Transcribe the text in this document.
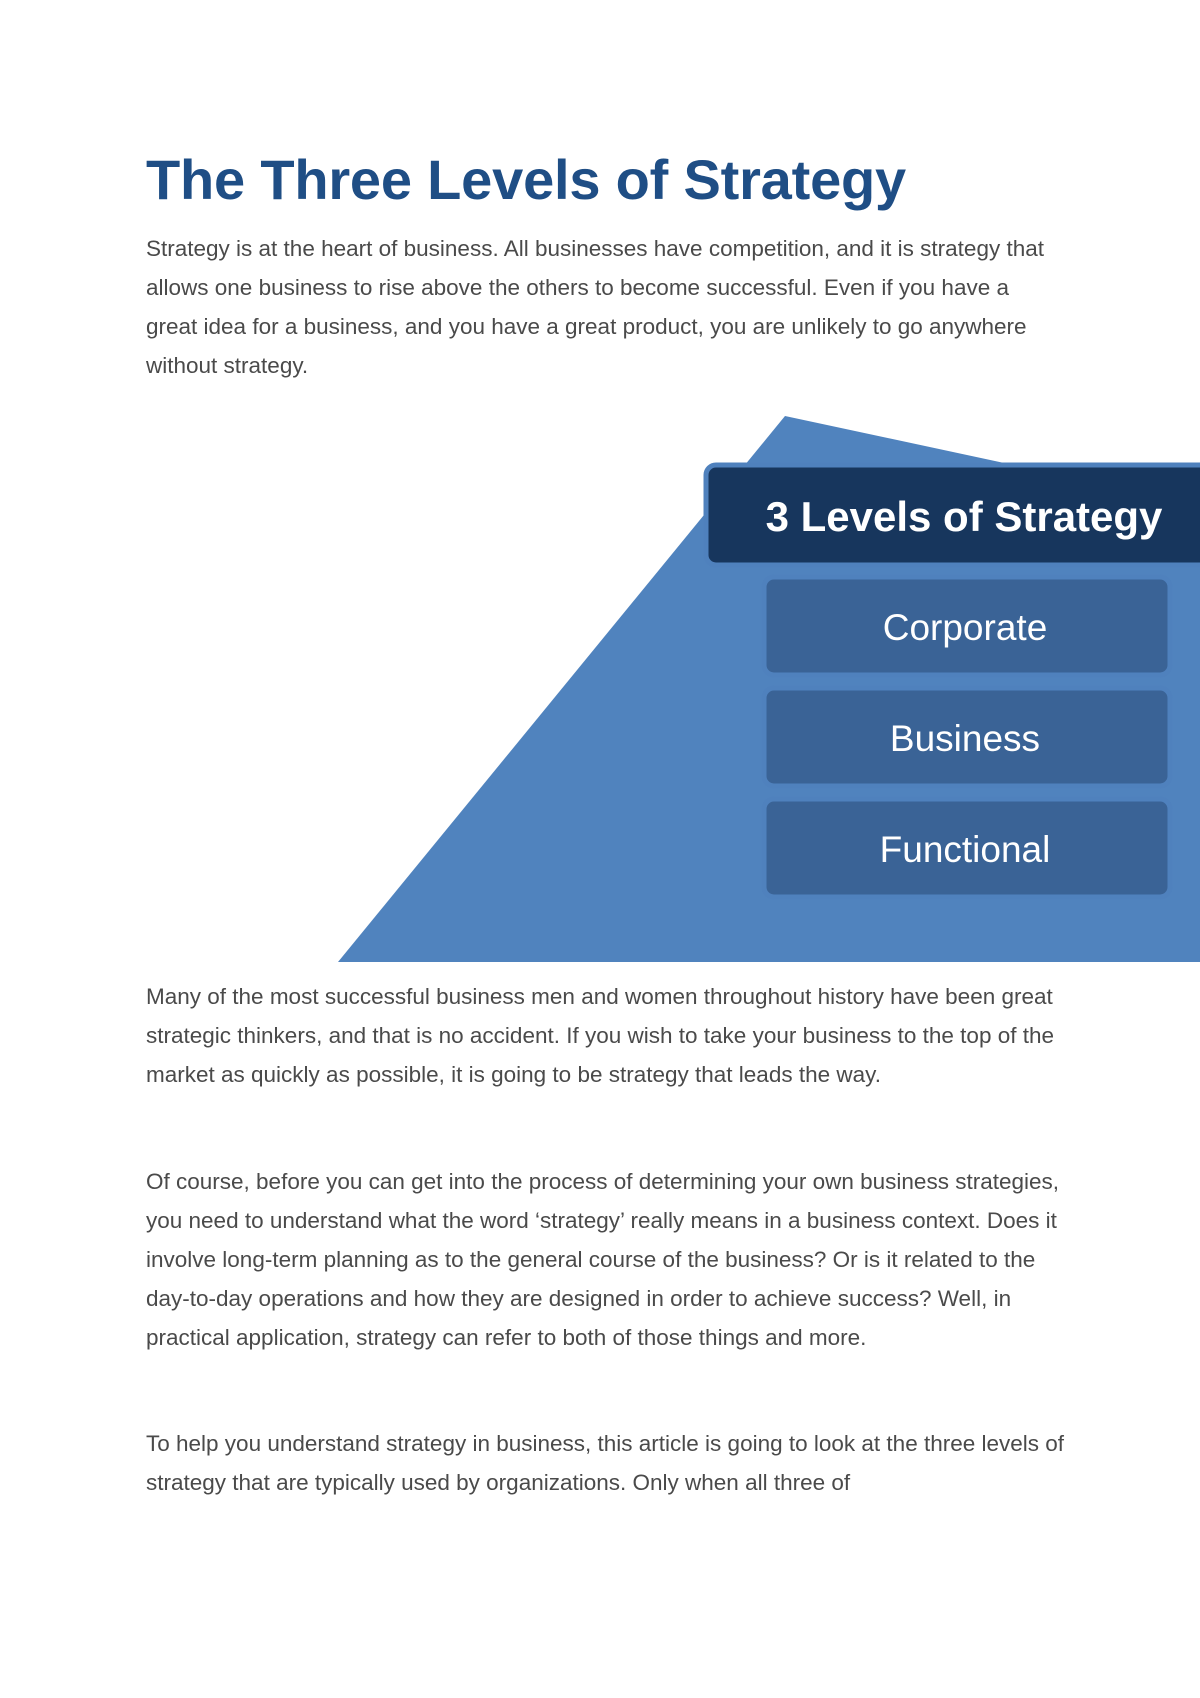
The Three Levels of Strategy

Strategy is at the heart of business. All businesses have competition, and it is strategy that allows one business to rise above the others to become successful. Even if you have a great idea for a business, and you have a great product, you are unlikely to go anywhere without strategy.

3 Levels of Strategy
Corporate
Business
Functional

Many of the most successful business men and women throughout history have been great strategic thinkers, and that is no accident. If you wish to take your business to the top of the market as quickly as possible, it is going to be strategy that leads the way.

Of course, before you can get into the process of determining your own business strategies, you need to understand what the word ‘strategy’ really means in a business context. Does it involve long-term planning as to the general course of the business? Or is it related to the day-to-day operations and how they are designed in order to achieve success? Well, in practical application, strategy can refer to both of those things and more.

To help you understand strategy in business, this article is going to look at the three levels of strategy that are typically used by organizations. Only when all three of
